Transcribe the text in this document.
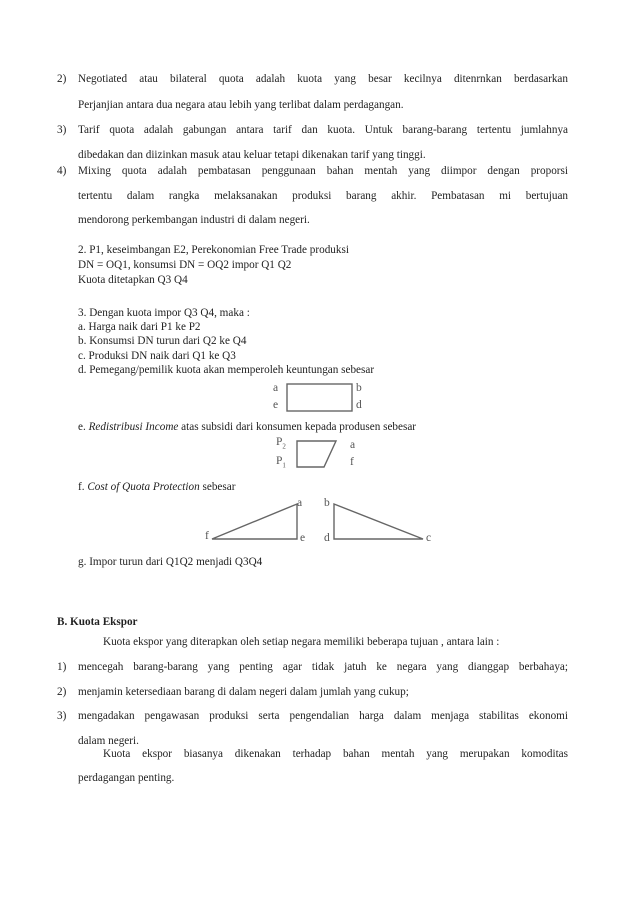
2) Negotiated atau bilateral quota adalah kuota yang besar kecilnya ditenrnkan berdasarkan
Perjanjian antara dua negara atau lebih yang terlibat dalam perdagangan.
3) Tarif quota adalah gabungan antara tarif dan kuota. Untuk barang-barang tertentu jumlahnya
dibedakan dan diizinkan masuk atau keluar tetapi dikenakan tarif yang tinggi.
4) Mixing quota adalah pembatasan penggunaan bahan mentah yang diimpor dengan proporsi
tertentu dalam rangka melaksanakan produksi barang akhir. Pembatasan mi bertujuan
mendorong perkembangan industri di dalam negeri.
2. P1, keseimbangan E2, Perekonomian Free Trade produksi
DN = OQ1, konsumsi DN = OQ2 impor Q1 Q2
Kuota ditetapkan Q3 Q4
3. Dengan kuota impor Q3 Q4, maka :
a. Harga naik dari P1 ke P2
b. Konsumsi DN turun dari Q2 ke Q4
c. Produksi DN naik dari Q1 ke Q3
d. Pemegang/pemilik kuota akan memperoleh keuntungan sebesar
a
e
b
d
e. Redistribusi Income atas subsidi dari konsumen kepada produsen sebesar
$P_2$
$P_1$
a
f
f. Cost of Quota Protection sebesar
a b
f	e d	c
g. Impor turun dari Q1Q2 menjadi Q3Q4
B. Kuota Ekspor
Kuota ekspor yang diterapkan oleh setiap negara memiliki beberapa tujuan , antara lain :
1) mencegah barang-barang yang penting agar tidak jatuh ke negara yang dianggap berbahaya;
2) menjamin ketersediaan barang di dalam negeri dalam jumlah yang cukup;
3) mengadakan pengawasan produksi serta pengendalian harga dalam menjaga stabilitas ekonomi
dalam negeri.
Kuota ekspor biasanya dikenakan terhadap bahan mentah yang merupakan komoditas
perdagangan penting.
